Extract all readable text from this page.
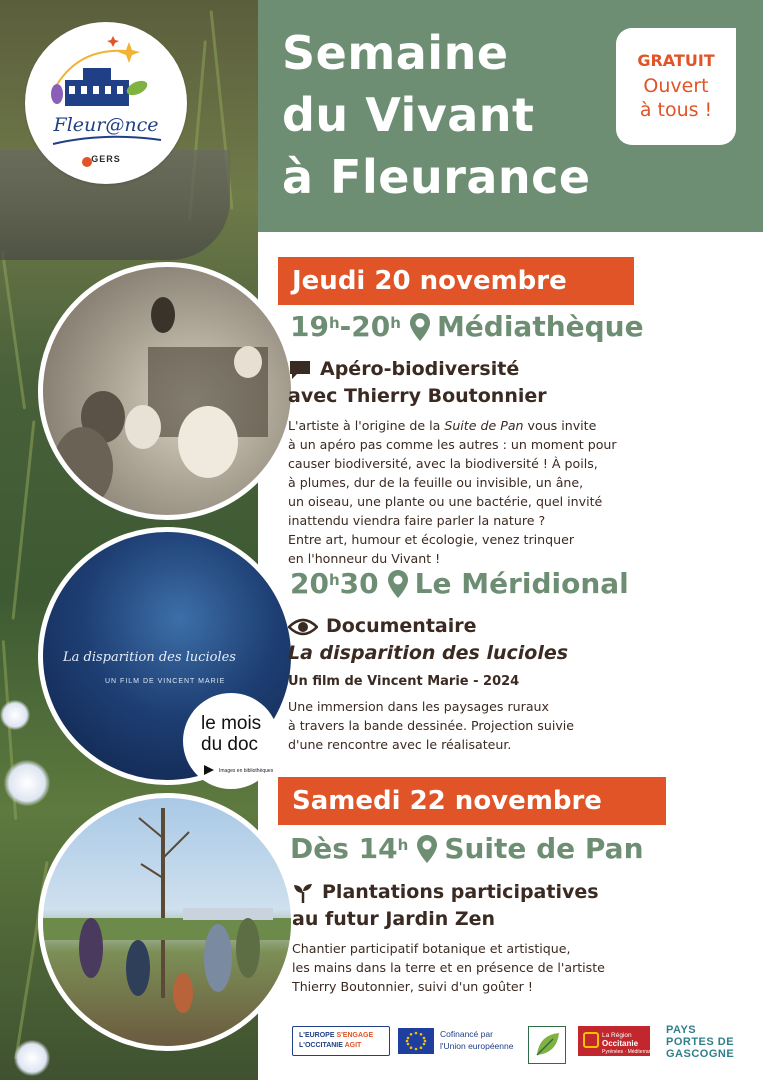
Fleur@nce
GERS
La disparition des lucioles
UN FILM DE VINCENT MARIE
le mois
du doc
Images en bibliothèques
Semaine
du Vivant
à Fleurance
GRATUIT
Ouvert
à tous !
Jeudi 20 novembre
19$^h$ -20$^h$ Médiathèque
Apéro-biodiversité
avec Thierry Boutonnier
L'artiste à l'origine de la Suite de Pan vous invite
à un apéro pas comme les autres : un moment pour
causer biodiversité, avec la biodiversité ! À poils,
à plumes, dur de la feuille ou invisible, un âne,
un oiseau, une plante ou une bactérie, quel invité
inattendu viendra faire parler la nature ?
Entre art, humour et écologie, venez trinquer
en l'honneur du Vivant !
20$^h$ 30 Le Méridional
Documentaire
La disparition des lucioles
Un film de Vincent Marie - 2024
Une immersion dans les paysages ruraux
à travers la bande dessinée. Projection suivie
d'une rencontre avec le réalisateur.
Samedi 22 novembre
Dès 14$^h$ Suite de Pan
Plantations participatives
au futur Jardin Zen
Chantier participatif botanique et artistique,
les mains dans la terre et en présence de l'artiste
Thierry Boutonnier, suivi d'un goûter !
L'EUROPE S'ENGAGE
L'OCCITANIE AGIT
Cofinancé par
l'Union européenne
La Région
Occitanie
Pyrénées · Méditerranée
PAYS
PORTES DE
GASCOGNE
